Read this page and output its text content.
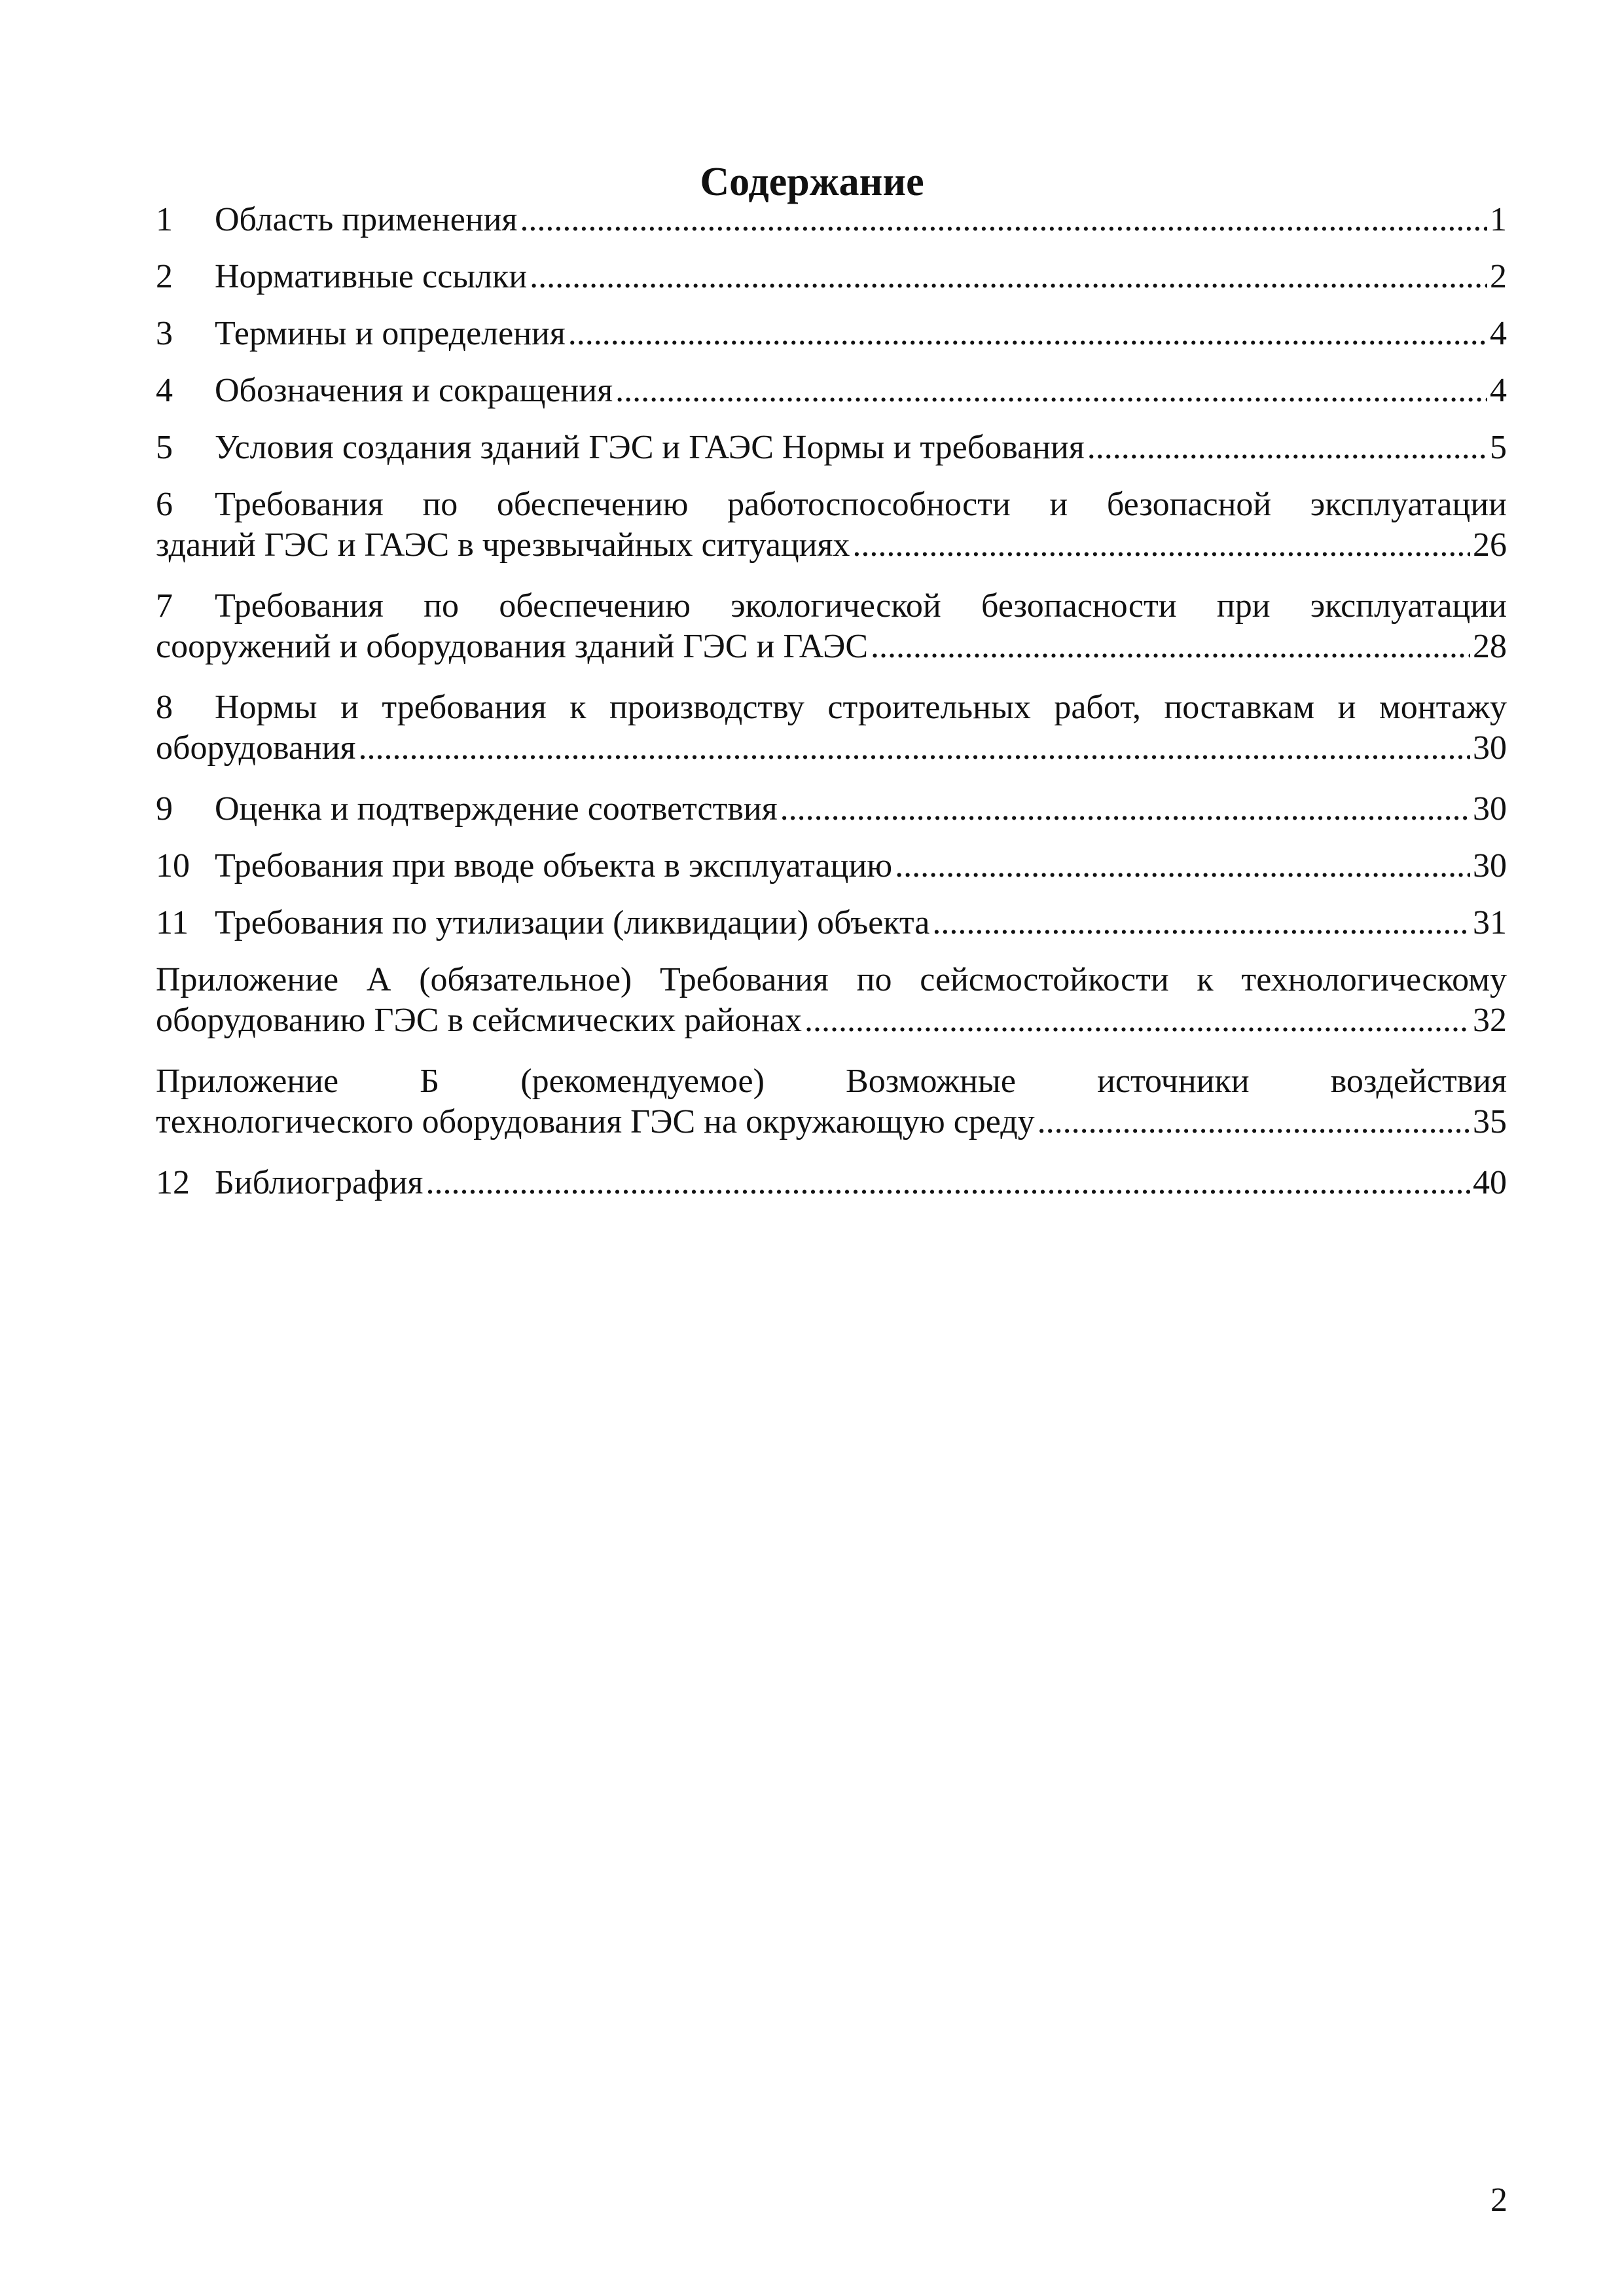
Содержание
1	Область применения .....	1
2	Нормативные ссылки .....	2
3	Термины и определения .....	4
4	Обозначения и сокращения .....	4
5	Условия создания зданий ГЭС и ГАЭС Нормы и требования .....	5
6 Требования по обеспечению работоспособности и безопасной эксплуатации
зданий ГЭС и ГАЭС в чрезвычайных ситуациях .....	26
7 Требования по обеспечению экологической безопасности при эксплуатации
сооружений и оборудования зданий ГЭС и ГАЭС .....	28
8 Нормы и требования к производству строительных работ, поставкам и монтажу
оборудования .....	30
9	Оценка и подтверждение соответствия .....	30
10 Требования при вводе объекта в эксплуатацию .....	30
11 Требования по утилизации (ликвидации) объекта .....	31
Приложение А (обязательное) Требования по сейсмостойкости к технологическому
оборудованию ГЭС в сейсмических районах .....	32
Приложение Б (рекомендуемое) Возможные источники воздействия
технологического оборудования ГЭС на окружающую среду .....	35
12 Библиография .....	40
2
